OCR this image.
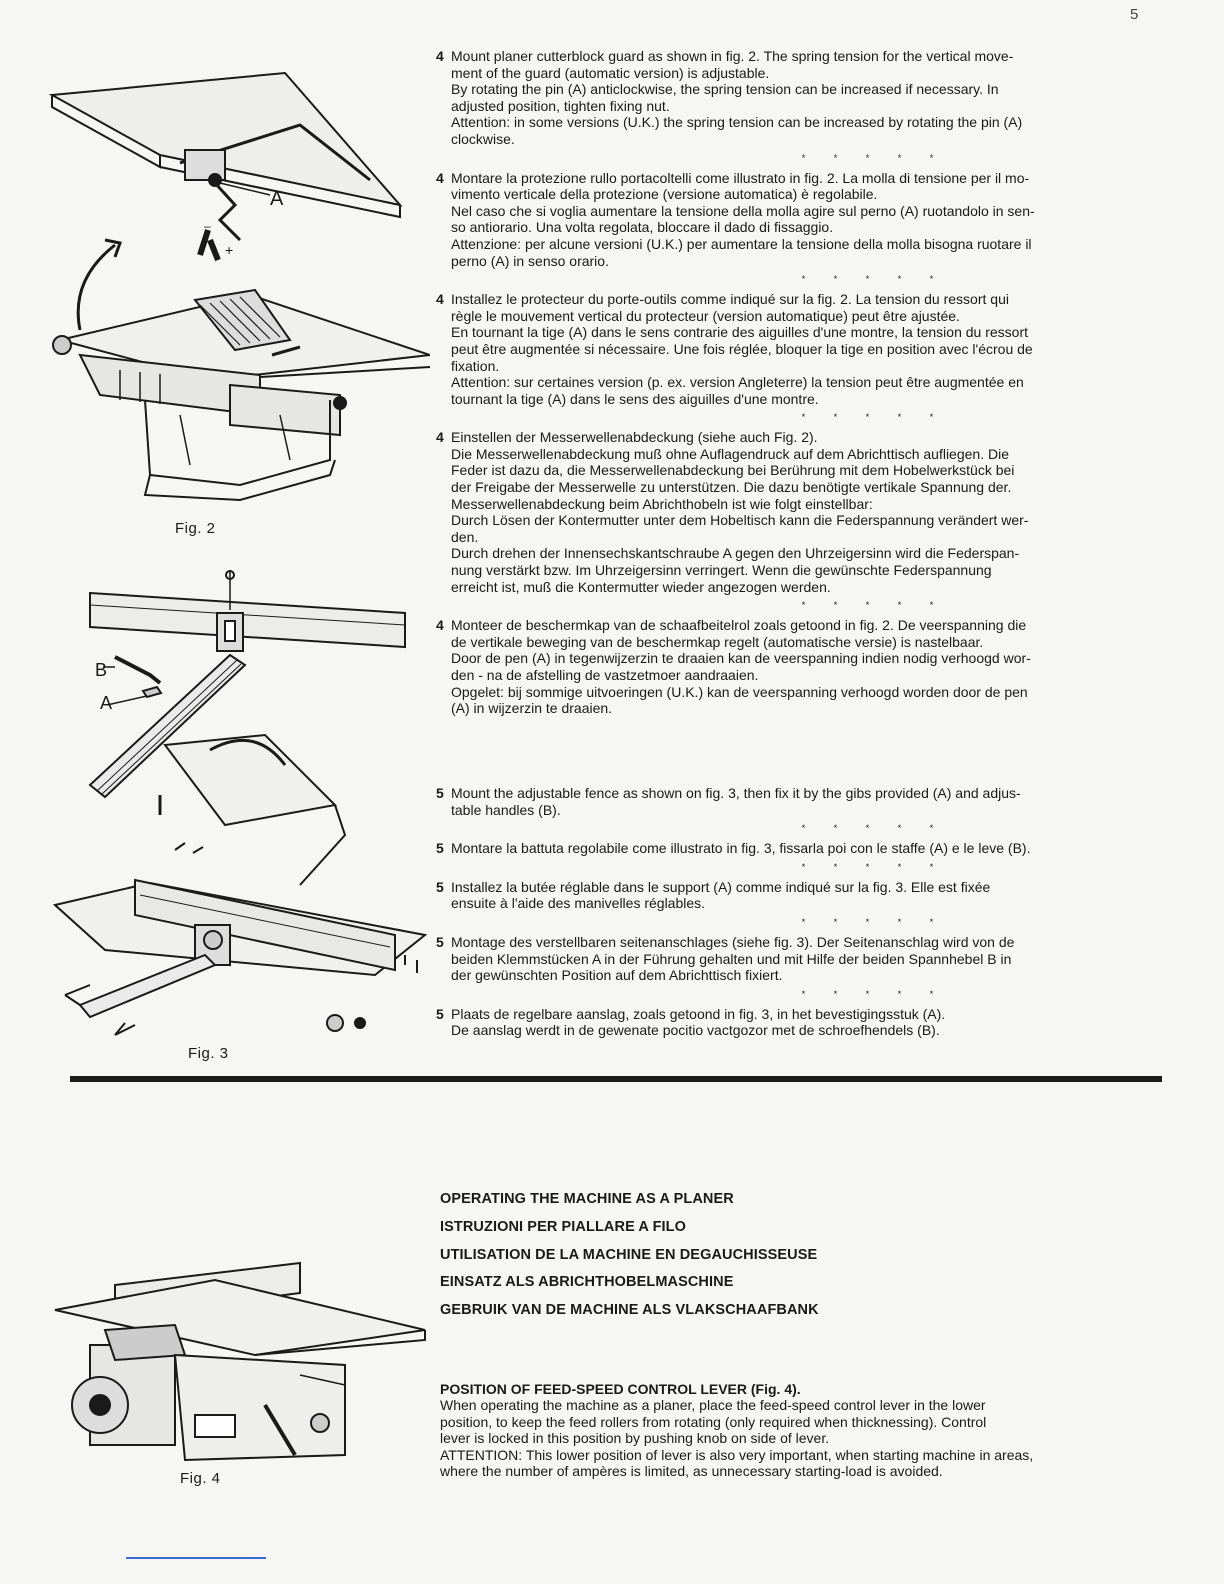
5
–
+
A
Fig. 2
B
A
Fig. 3
Fig. 4
4 Mount planer cutterblock guard as shown in fig. 2. The spring tension for the vertical move-
ment of the guard (automatic version) is adjustable.
By rotating the pin (A) anticlockwise, the spring tension can be increased if necessary. In
adjusted position, tighten fixing nut.
Attention: in some versions (U.K.) the spring tension can be increased by rotating the pin (A)
clockwise.
* * * * *
4 Montare la protezione rullo portacoltelli come illustrato in fig. 2. La molla di tensione per il mo-
vimento verticale della protezione (versione automatica) è regolabile.
Nel caso che si voglia aumentare la tensione della molla agire sul perno (A) ruotandolo in sen-
so antiorario. Una volta regolata, bloccare il dado di fissaggio.
Attenzione: per alcune versioni (U.K.) per aumentare la tensione della molla bisogna ruotare il
perno (A) in senso orario.
* * * * *
4 Installez le protecteur du porte-outils comme indiqué sur la fig. 2. La tension du ressort qui
règle le mouvement vertical du protecteur (version automatique) peut être ajustée.
En tournant la tige (A) dans le sens contrarie des aiguilles d'une montre, la tension du ressort
peut être augmentée si nécessaire. Une fois réglée, bloquer la tige en position avec l'écrou de
fixation.
Attention: sur certaines version (p. ex. version Angleterre) la tension peut être augmentée en
tournant la tige (A) dans le sens des aiguilles d'une montre.
* * * * *
4 Einstellen der Messerwellenabdeckung (siehe auch Fig. 2).
Die Messerwellenabdeckung muß ohne Auflagendruck auf dem Abrichttisch aufliegen. Die
Feder ist dazu da, die Messerwellenabdeckung bei Berührung mit dem Hobelwerkstück bei
der Freigabe der Messerwelle zu unterstützen. Die dazu benötigte vertikale Spannung der.
Messerwellenabdeckung beim Abrichthobeln ist wie folgt einstellbar:
Durch Lösen der Kontermutter unter dem Hobeltisch kann die Federspannung verändert wer-
den.
Durch drehen der Innensechskantschraube A gegen den Uhrzeigersinn wird die Federspan-
nung verstärkt bzw. Im Uhrzeigersinn verringert. Wenn die gewünschte Federspannung
erreicht ist, muß die Kontermutter wieder angezogen werden.
* * * * *
4 Monteer de beschermkap van de schaafbeitelrol zoals getoond in fig. 2. De veerspanning die
de vertikale beweging van de beschermkap regelt (automatische versie) is nastelbaar.
Door de pen (A) in tegenwijzerzin te draaien kan de veerspanning indien nodig verhoogd wor-
den - na de afstelling de vastzetmoer aandraaien.
Opgelet: bij sommige uitvoeringen (U.K.) kan de veerspanning verhoogd worden door de pen
(A) in wijzerzin te draaien.
5 Mount the adjustable fence as shown on fig. 3, then fix it by the gibs provided (A) and adjus-
table handles (B).
* * * * *
5 Montare la battuta regolabile come illustrato in fig. 3, fissarla poi con le staffe (A) e le leve (B).
* * * * *
5 Installez la butée réglable dans le support (A) comme indiqué sur la fig. 3. Elle est fixée
ensuite à l'aide des manivelles réglables.
* * * * *
5 Montage des verstellbaren seitenanschlages (siehe fig. 3). Der Seitenanschlag wird von de
beiden Klemmstücken A in der Führung gehalten und mit Hilfe der beiden Spannhebel B in
der gewünschten Position auf dem Abrichttisch fixiert.
* * * * *
5 Plaats de regelbare aanslag, zoals getoond in fig. 3, in het bevestigingsstuk (A).
De aanslag werdt in de gewenate pocitio vactgozor met de schroefhendels (B).
OPERATING THE MACHINE AS A PLANER
ISTRUZIONI PER PIALLARE A FILO
UTILISATION DE LA MACHINE EN DEGAUCHISSEUSE
EINSATZ ALS ABRICHTHOBELMASCHINE
GEBRUIK VAN DE MACHINE ALS VLAKSCHAAFBANK
POSITION OF FEED-SPEED CONTROL LEVER (Fig. 4).
When operating the machine as a planer, place the feed-speed control lever in the lower
position, to keep the feed rollers from rotating (only required when thicknessing). Control
lever is locked in this position by pushing knob on side of lever.
ATTENTION: This lower position of lever is also very important, when starting machine in areas,
where the number of ampères is limited, as unnecessary starting-load is avoided.
